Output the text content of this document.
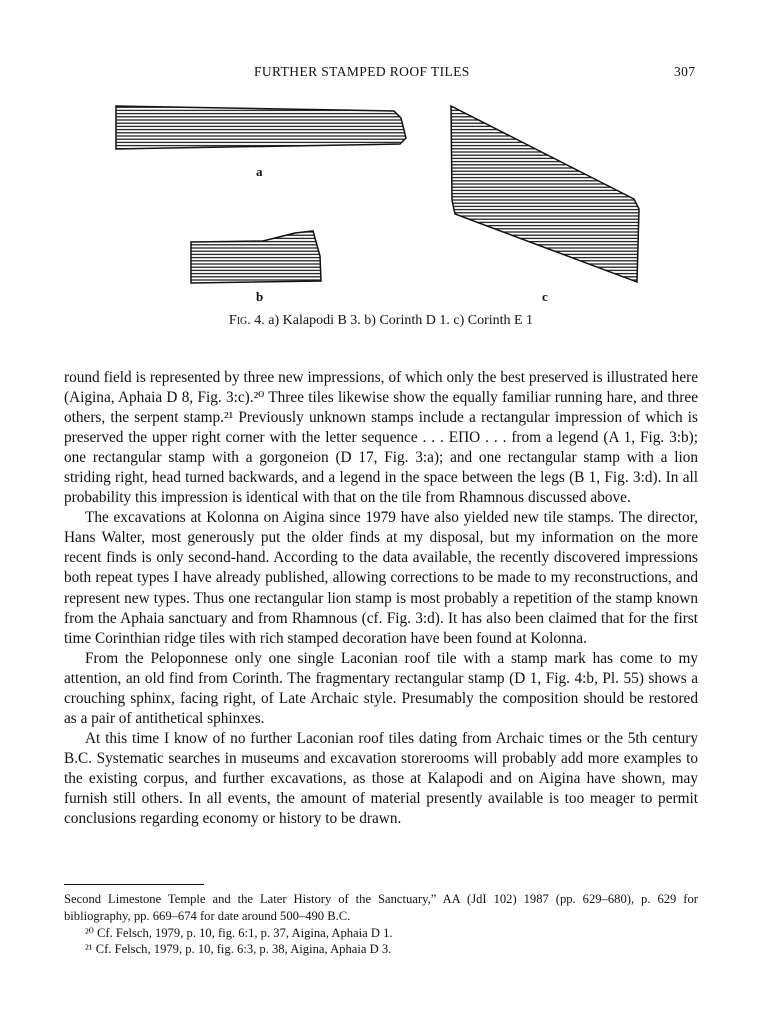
FURTHER STAMPED ROOF TILES	307
a
b	c
Fig. 4. a) Kalapodi B 3. b) Corinth D 1. c) Corinth E 1

round field is represented by three new impressions, of which only the best preserved is illustrated here (Aigina, Aphaia D 8, Fig. 3:c).²⁰ Three tiles likewise show the equally familiar running hare, and three others, the serpent stamp.²¹ Previously unknown stamps include a rectangular impression of which is preserved the upper right corner with the letter sequence . . . ΕΠΟ . . . from a legend (A 1, Fig. 3:b); one rectangular stamp with a gorgoneion (D 17, Fig. 3:a); and one rectangular stamp with a lion striding right, head turned backwards, and a legend in the space between the legs (B 1, Fig. 3:d). In all probability this impression is identical with that on the tile from Rhamnous discussed above.

The excavations at Kolonna on Aigina since 1979 have also yielded new tile stamps. The director, Hans Walter, most generously put the older finds at my disposal, but my information on the more recent finds is only second-hand. According to the data available, the recently discovered impressions both repeat types I have already published, allowing corrections to be made to my reconstructions, and represent new types. Thus one rectangular lion stamp is most probably a repetition of the stamp known from the Aphaia sanctuary and from Rhamnous (cf. Fig. 3:d). It has also been claimed that for the first time Corinthian ridge tiles with rich stamped decoration have been found at Kolonna.

From the Peloponnese only one single Laconian roof tile with a stamp mark has come to my attention, an old find from Corinth. The fragmentary rectangular stamp (D 1, Fig. 4:b, Pl. 55) shows a crouching sphinx, facing right, of Late Archaic style. Presumably the composition should be restored as a pair of antithetical sphinxes.

At this time I know of no further Laconian roof tiles dating from Archaic times or the 5th century B.C. Systematic searches in museums and excavation storerooms will probably add more examples to the existing corpus, and further excavations, as those at Kalapodi and on Aigina have shown, may furnish still others. In all events, the amount of material presently available is too meager to permit conclusions regarding economy or history to be drawn.

Second Limestone Temple and the Later History of the Sanctuary,” AA (JdI 102) 1987 (pp. 629–680), p. 629 for bibliography, pp. 669–674 for date around 500–490 B.C.

²⁰ Cf. Felsch, 1979, p. 10, fig. 6:1, p. 37, Aigina, Aphaia D 1.

²¹ Cf. Felsch, 1979, p. 10, fig. 6:3, p. 38, Aigina, Aphaia D 3.
